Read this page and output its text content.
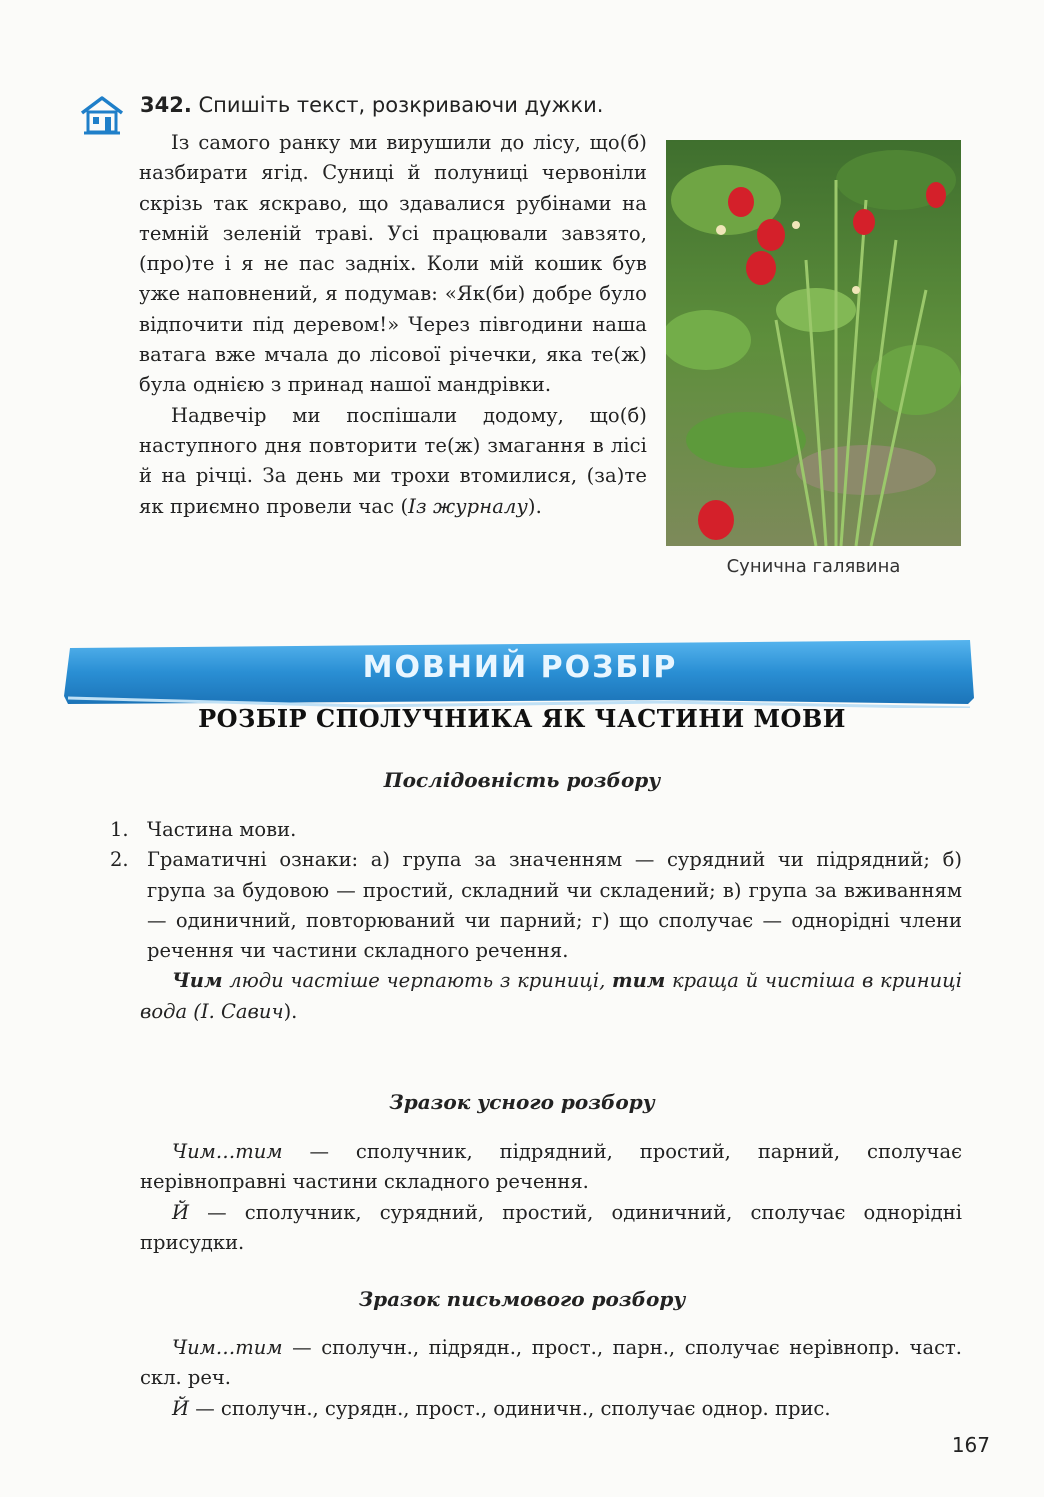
342. Спишіть текст, розкриваючи дужки.

Із самого ранку ми вирушили до лісу, що(б) назбирати ягід. Суниці й полуниці червоніли скрізь так яскраво, що здавалися рубінами на темній зеленій траві. Усі працювали завзято, (про)те і я не пас задніх. Коли мій кошик був уже наповнений, я подумав: «Як(би) добре було відпочити під деревом!» Через півгодини наша ватага вже мчала до лісової річечки, яка те(ж) була однією з принад нашої мандрівки.

Надвечір ми поспішали додому, що(б) наступного дня повторити те(ж) змагання в лісі й на річці. За день ми трохи втомилися, (за)те як приємно провели час (Із журналу).

Сунична галявина
МОВНИЙ РОЗБІР
РОЗБІР СПОЛУЧНИКА ЯК ЧАСТИНИ МОВИ
Послідовність розбору
1. Частина мови.
2. Граматичні ознаки: а) група за значенням — сурядний чи підрядний; б) група за будовою — простий, складний чи складений; в) група за вживанням — одиничний, повторюваний чи парний; г) що сполучає — однорідні члени речення чи частини складного речення.

Чим люди частіше черпають з криниці, тим краща й чистіша в криниці вода (І. Савич).

Зразок усного розбору

Чим…тим — сполучник, підрядний, простий, парний, сполучає нерівноправні частини складного речення.

Й — сполучник, сурядний, простий, одиничний, сполучає однорідні присудки.

Зразок письмового розбору

Чим…тим — сполучн., підрядн., прост., парн., сполучає нерівнопр. част. скл. реч.

Й — сполучн., сурядн., прост., одиничн., сполучає однор. прис.

167
